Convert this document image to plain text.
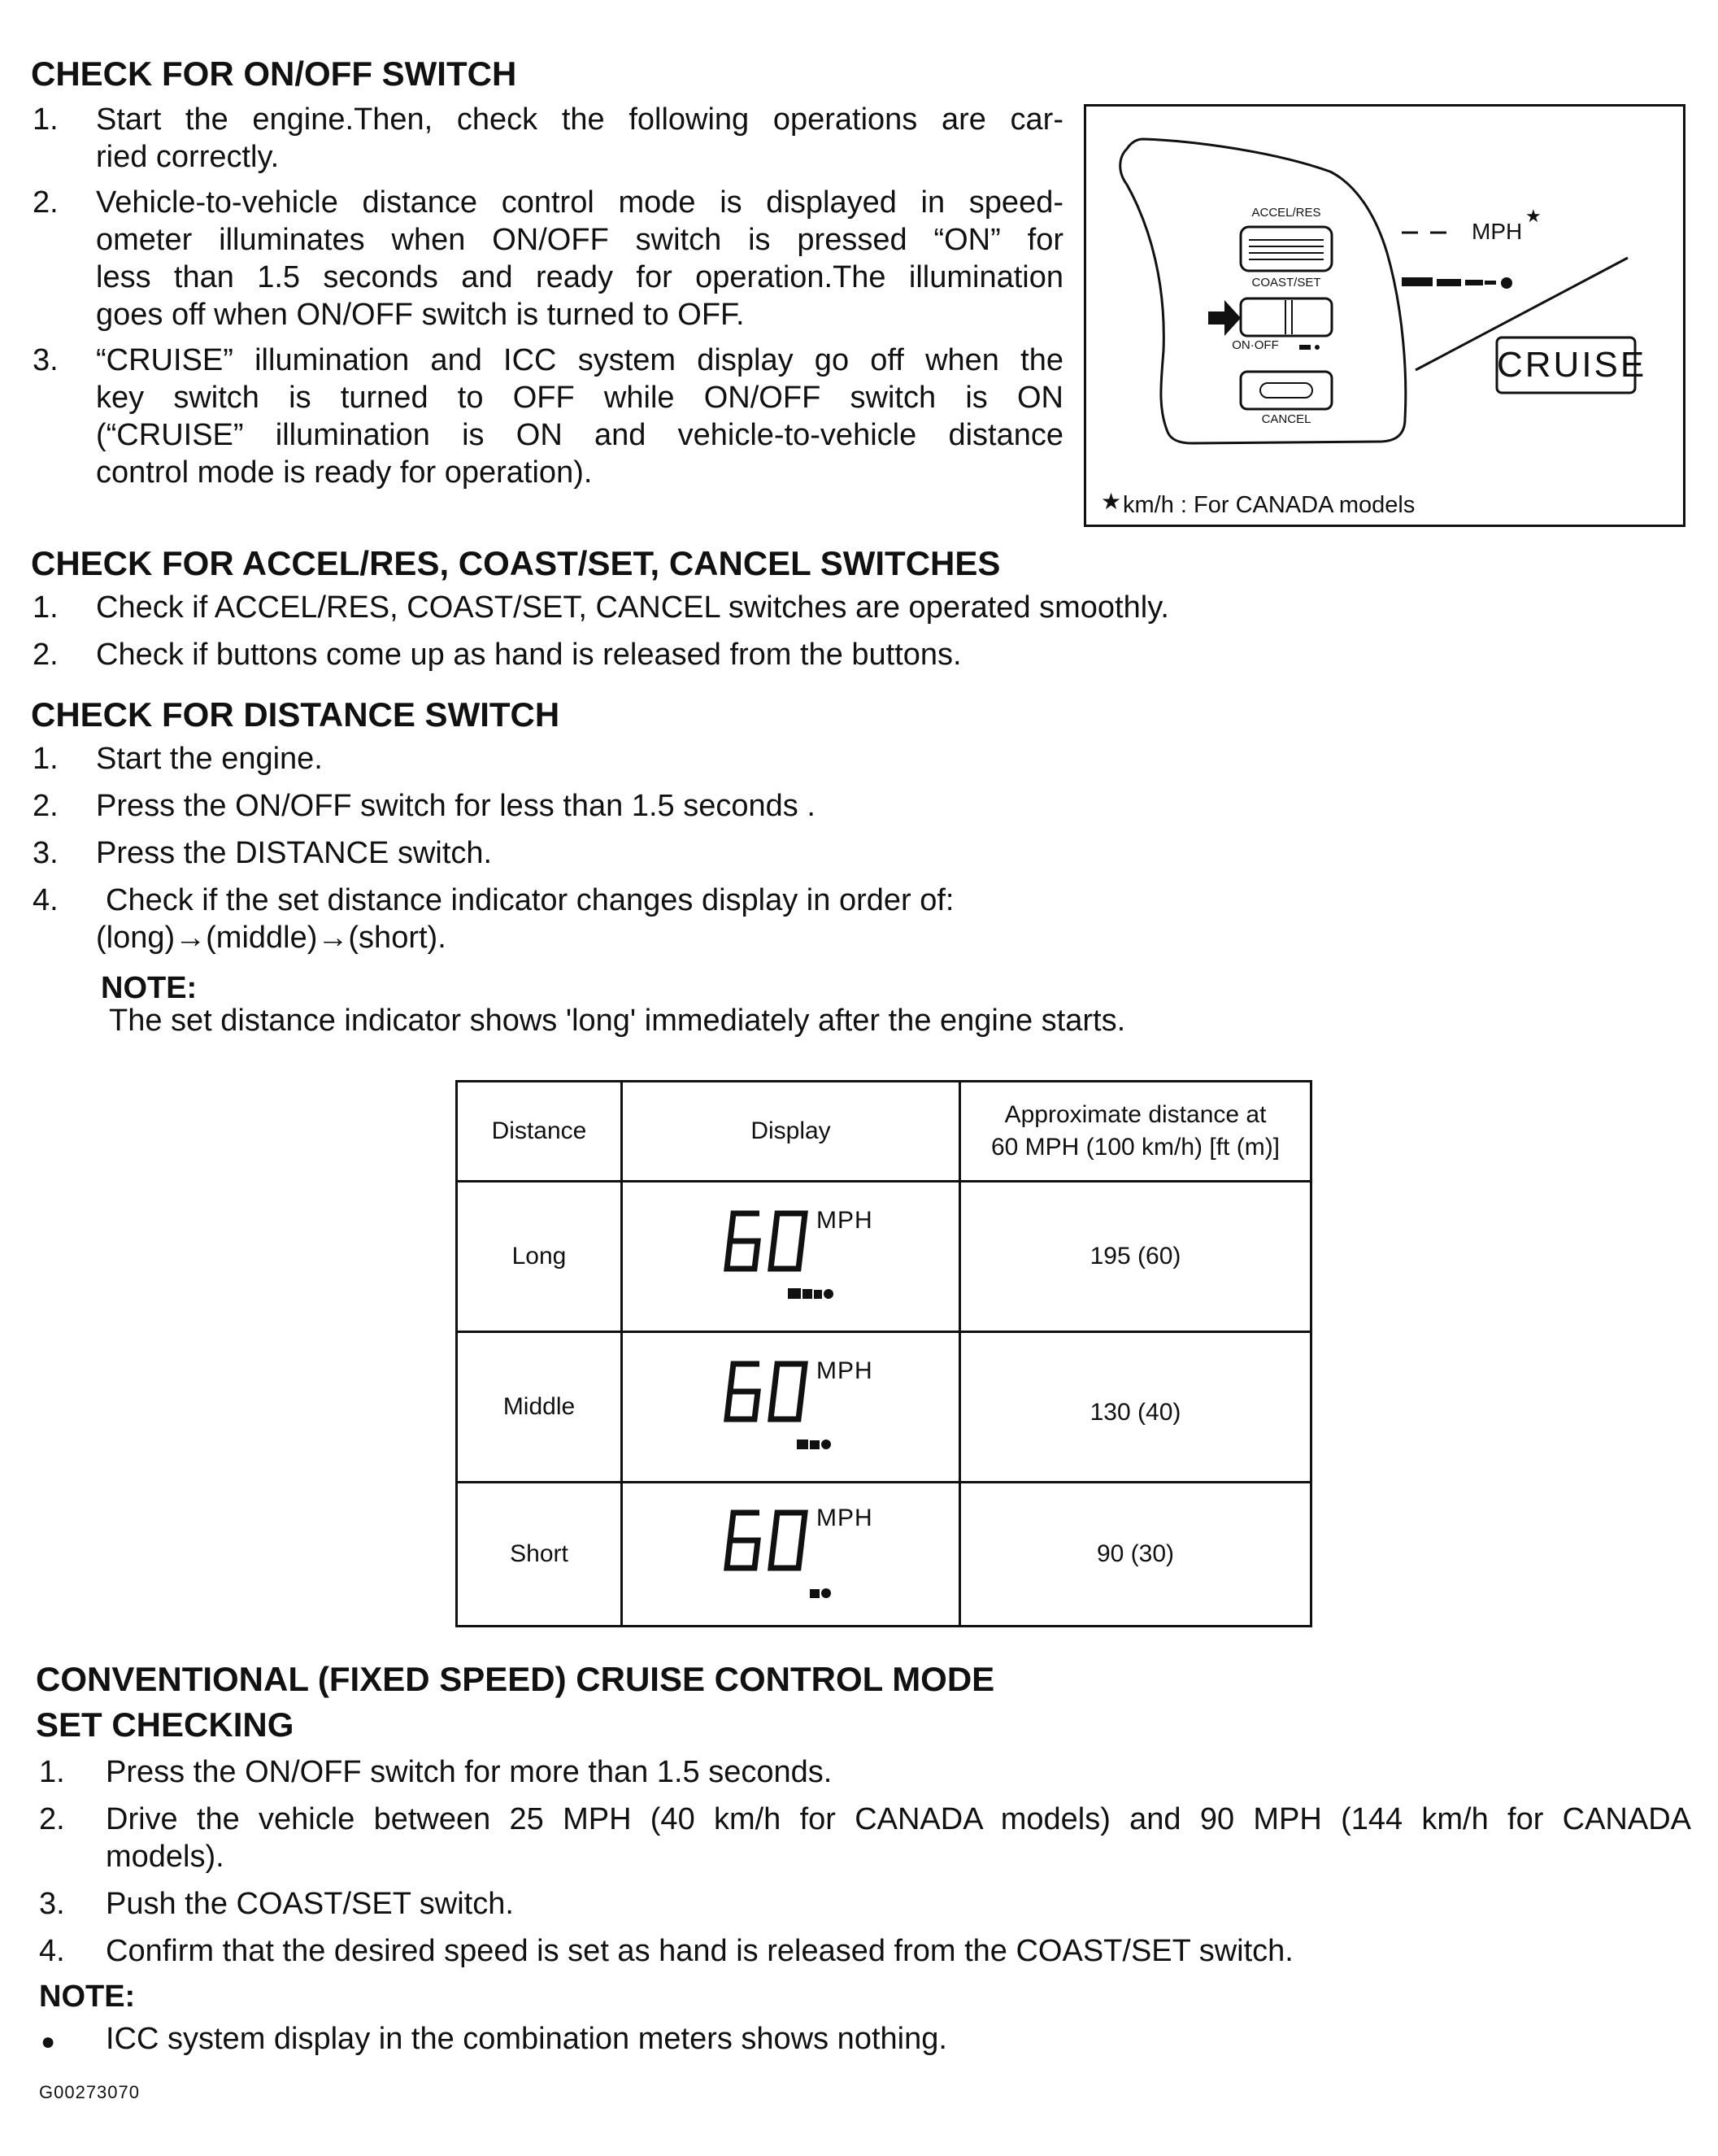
CHECK FOR ON/OFF SWITCH
1. Start the engine.Then, check the following operations are car-
ried correctly.
2. Vehicle-to-vehicle distance control mode is displayed in speed-
ometer illuminates when ON/OFF switch is pressed “ON” for
less than 1.5 seconds and ready for operation.The illumination
goes off when ON/OFF switch is turned to OFF.
3. “CRUISE” illumination and ICC system display go off when the
key switch is turned to OFF while ON/OFF switch is ON
(“CRUISE” illumination is ON and vehicle-to-vehicle distance
control mode is ready for operation).
ACCEL/RES
COAST/SET
ON·OFF
CANCEL
MPH
★
CRUISE
★ km/h : For CANADA models
CHECK FOR ACCEL/RES, COAST/SET, CANCEL SWITCHES
1. Check if ACCEL/RES, COAST/SET, CANCEL switches are operated smoothly.
2. Check if buttons come up as hand is released from the buttons.
CHECK FOR DISTANCE SWITCH
1. Start the engine.
2. Press the ON/OFF switch for less than 1.5 seconds .
3. Press the DISTANCE switch.
4. Check if the set distance indicator changes display in order of:
(long)→(middle)→(short).
NOTE:
The set distance indicator shows 'long' immediately after the engine starts.
Distance	Display
Approximate distance at
60 MPH (100 km/h) [ft (m)]
Long
MPH
195 (60)
Middle
MPH
130 (40)
Short
MPH
90 (30)
CONVENTIONAL (FIXED SPEED) CRUISE CONTROL MODE
SET CHECKING
1. Press the ON/OFF switch for more than 1.5 seconds.
2. Drive the vehicle between 25 MPH (40 km/h for CANADA models) and 90 MPH (144 km/h for CANADA
models).
3. Push the COAST/SET switch.
4. Confirm that the desired speed is set as hand is released from the COAST/SET switch.
NOTE:
● ICC system display in the combination meters shows nothing.
G00273070
